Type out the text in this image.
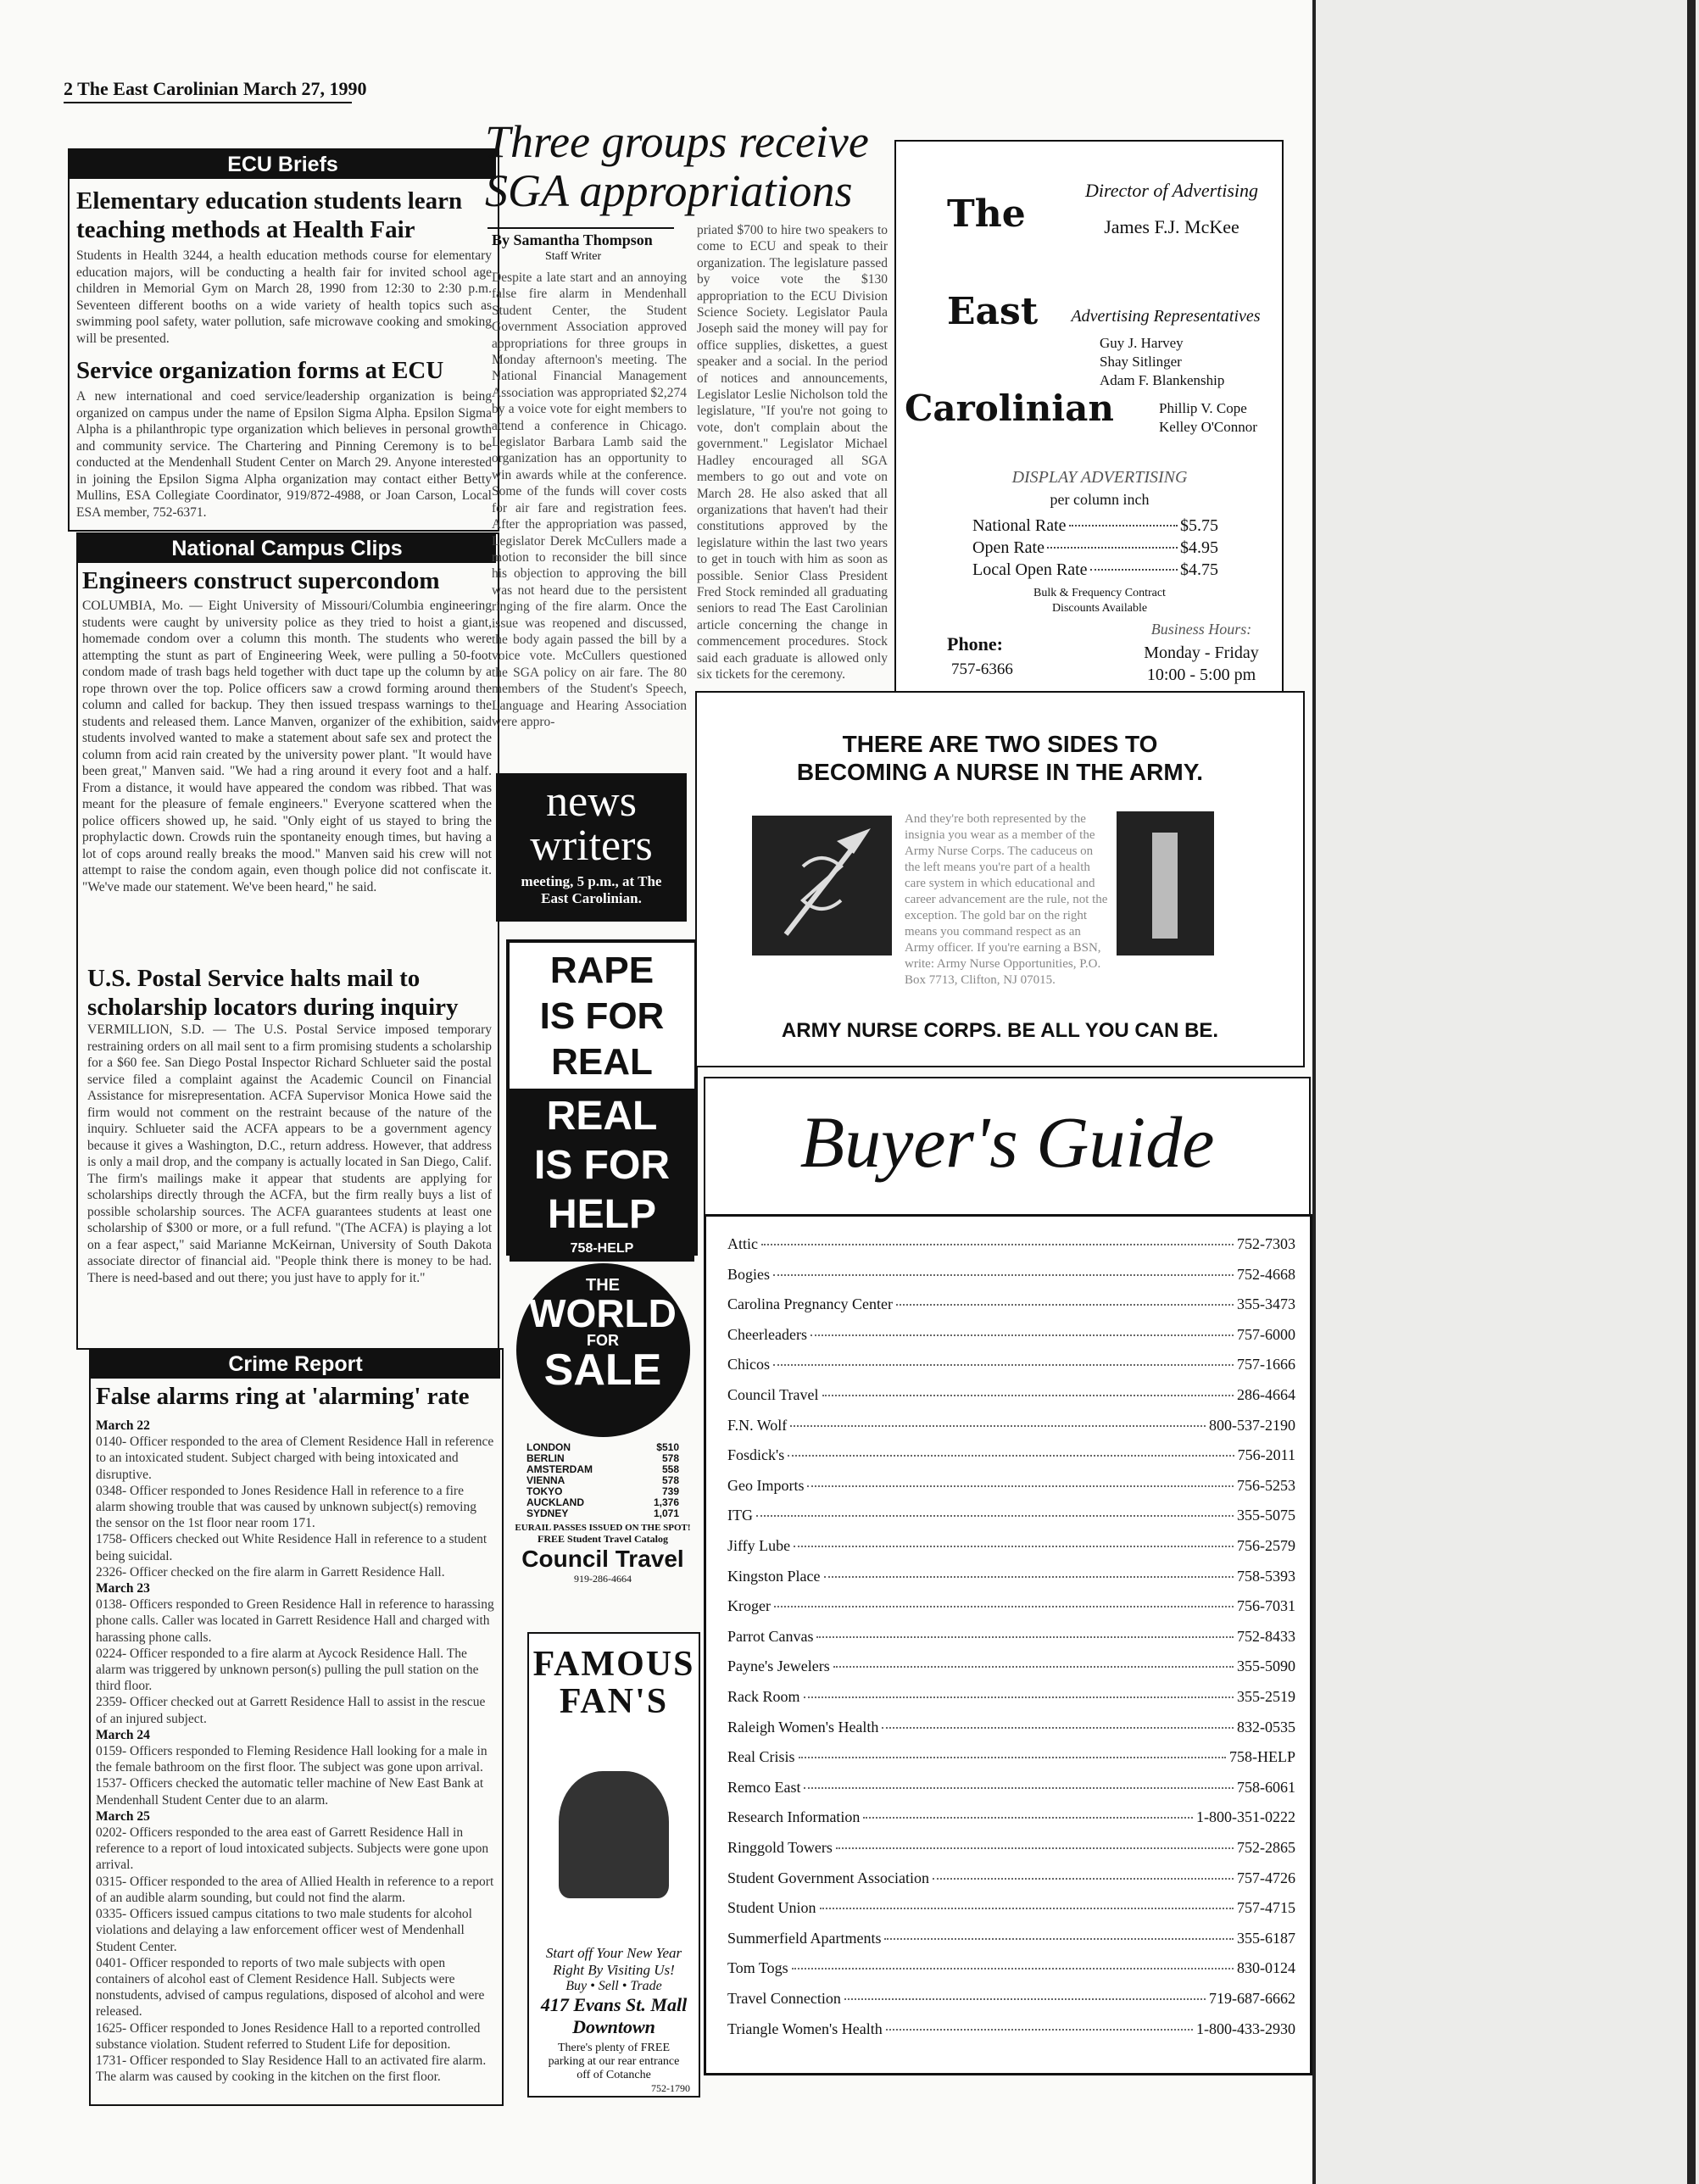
2 The East Carolinian March 27, 1990
ECU Briefs
Elementary education students learn teaching methods at Health Fair
Students in Health 3244, a health education methods course for elementary education majors, will be conducting a health fair for invited school age children in Memorial Gym on March 28, 1990 from 12:30 to 2:30 p.m. Seventeen different booths on a wide variety of health topics such as swimming pool safety, water pollution, safe microwave cooking and smoking will be presented.
Service organization forms at ECU
A new international and coed service/leadership organization is being organized on campus under the name of Epsilon Sigma Alpha. Epsilon Sigma Alpha is a philanthropic type organization which believes in personal growth and community service. The Chartering and Pinning Ceremony is to be conducted at the Mendenhall Student Center on March 29. Anyone interested in joining the Epsilon Sigma Alpha organization may contact either Betty Mullins, ESA Collegiate Coordinator, 919/872-4988, or Joan Carson, Local ESA member, 752-6371.
National Campus Clips
Engineers construct supercondom
COLUMBIA, Mo. — Eight University of Missouri/Columbia engineering students were caught by university police as they tried to hoist a giant, homemade condom over a column this month. The students who were attempting the stunt as part of Engineering Week, were pulling a 50-foot condom made of trash bags held together with duct tape up the column by a rope thrown over the top. Police officers saw a crowd forming around the column and called for backup. They then issued trespass warnings to the students and released them. Lance Manven, organizer of the exhibition, said students involved wanted to make a statement about safe sex and protect the column from acid rain created by the university power plant. "It would have been great," Manven said. "We had a ring around it every foot and a half. From a distance, it would have appeared the condom was ribbed. That was meant for the pleasure of female engineers." Everyone scattered when the police officers showed up, he said. "Only eight of us stayed to bring the prophylactic down. Crowds ruin the spontaneity enough times, but having a lot of cops around really breaks the mood." Manven said his crew will not attempt to raise the condom again, even though police did not confiscate it. "We've made our statement. We've been heard," he said.
U.S. Postal Service halts mail to scholarship locators during inquiry
VERMILLION, S.D. — The U.S. Postal Service imposed temporary restraining orders on all mail sent to a firm promising students a scholarship for a $60 fee. San Diego Postal Inspector Richard Schlueter said the postal service filed a complaint against the Academic Council on Financial Assistance for misrepresentation. ACFA Supervisor Monica Howe said the firm would not comment on the restraint because of the nature of the inquiry. Schlueter said the ACFA appears to be a government agency because it gives a Washington, D.C., return address. However, that address is only a mail drop, and the company is actually located in San Diego, Calif. The firm's mailings make it appear that students are applying for scholarships directly through the ACFA, but the firm really buys a list of possible scholarship sources. The ACFA guarantees students at least one scholarship of $300 or more, or a full refund. "(The ACFA) is playing a lot on a fear aspect," said Marianne McKeirnan, University of South Dakota associate director of financial aid. "People think there is money to be had. There is need-based and out there; you just have to apply for it."
Crime Report
False alarms ring at 'alarming' rate
March 22
0140- Officer responded to the area of Clement Residence Hall in reference to an intoxicated student. Subject charged with being intoxicated and disruptive.
0348- Officer responded to Jones Residence Hall in reference to a fire alarm showing trouble that was caused by unknown subject(s) removing the sensor on the 1st floor near room 171.
1758- Officers checked out White Residence Hall in reference to a student being suicidal.
2326- Officer checked on the fire alarm in Garrett Residence Hall.
March 23
0138- Officers responded to Green Residence Hall in reference to harassing phone calls. Caller was located in Garrett Residence Hall and charged with harassing phone calls.
0224- Officer responded to a fire alarm at Aycock Residence Hall. The alarm was triggered by unknown person(s) pulling the pull station on the third floor.
2359- Officer checked out at Garrett Residence Hall to assist in the rescue of an injured subject.
March 24
0159- Officers responded to Fleming Residence Hall looking for a male in the female bathroom on the first floor. The subject was gone upon arrival.
1537- Officers checked the automatic teller machine of New East Bank at Mendenhall Student Center due to an alarm.
March 25
0202- Officers responded to the area east of Garrett Residence Hall in reference to a report of loud intoxicated subjects. Subjects were gone upon arrival.
0315- Officer responded to the area of Allied Health in reference to a report of an audible alarm sounding, but could not find the alarm.
0335- Officers issued campus citations to two male students for alcohol violations and delaying a law enforcement officer west of Mendenhall Student Center.
0401- Officer responded to reports of two male subjects with open containers of alcohol east of Clement Residence Hall. Subjects were nonstudents, advised of campus regulations, disposed of alcohol and were released.
1625- Officer responded to Jones Residence Hall to a reported controlled substance violation. Student referred to Student Life for deposition.
1731- Officer responded to Slay Residence Hall to an activated fire alarm. The alarm was caused by cooking in the kitchen on the first floor.
Three groups receive SGA appropriations
By Samantha Thompson
Staff Writer
Despite a late start and an annoying false fire alarm in Mendenhall Student Center, the Student Government Association approved appropriations for three groups in Monday afternoon's meeting. The National Financial Management Association was appropriated $2,274 by a voice vote for eight members to attend a conference in Chicago. Legislator Barbara Lamb said the organization has an opportunity to win awards while at the conference. Some of the funds will cover costs for air fare and registration fees. After the appropriation was passed, Legislator Derek McCullers made a motion to reconsider the bill since his objection to approving the bill was not heard due to the persistent ringing of the fire alarm. Once the issue was reopened and discussed, the body again passed the bill by a voice vote. McCullers questioned the SGA policy on air fare. The 80 members of the Student's Speech, Language and Hearing Association were appro-
priated $700 to hire two speakers to come to ECU and speak to their organization. The legislature passed by voice vote the $130 appropriation to the ECU Division Science Society. Legislator Paula Joseph said the money will pay for office supplies, diskettes, a guest speaker and a social. In the period of notices and announcements, Legislator Leslie Nicholson told the legislature, "If you're not going to vote, don't complain about the government." Legislator Michael Hadley encouraged all SGA members to go out and vote on March 28. He also asked that all organizations that haven't had their constitutions approved by the legislature within the last two years to get in touch with him as soon as possible. Senior Class President Fred Stock reminded all graduating seniors to read The East Carolinian article concerning the change in commencement procedures. Stock said each graduate is allowed only six tickets for the ceremony.
news
writers
meeting, 5 p.m., at The
East Carolinian.
RAPE
IS FOR
REAL
REAL
IS FOR
HELP
758-HELP
THE
WORLD
FOR
SALE
LONDON	$510
BERLIN	578
AMSTERDAM	558
VIENNA	578
TOKYO	739
AUCKLAND	1,376
SYDNEY	1,071
EURAIL PASSES ISSUED ON THE SPOT!
FREE Student Travel Catalog
Council Travel
919-286-4664
FAMOUS FAN'S
Start off Your New Year Right By Visiting Us!
Buy • Sell • Trade
417 Evans St. Mall
Downtown
There's plenty of FREE parking at our rear entrance off of Cotanche
752-1790
The
East
Carolinian
Director of Advertising
James F.J. McKee
Advertising Representatives
Guy J. Harvey
Shay Sitlinger
Adam F. Blankenship
Phillip V. Cope
Kelley O'Connor
DISPLAY ADVERTISING
per column inch
National Rate	$5.75
Open Rate	$4.95
Local Open Rate	$4.75
Bulk & Frequency Contract
Discounts Available
Phone:
757-6366
Business Hours:
Monday - Friday
10:00 - 5:00 pm
THERE ARE TWO SIDES TO
BECOMING A NURSE IN THE ARMY.
And they're both represented by the insignia you wear as a member of the Army Nurse Corps. The caduceus on the left means you're part of a health care system in which educational and career advancement are the rule, not the exception. The gold bar on the right means you command respect as an Army officer. If you're earning a BSN, write: Army Nurse Opportunities, P.O. Box 7713, Clifton, NJ 07015.
ARMY NURSE CORPS. BE ALL YOU CAN BE.
Buyer's Guide
Attic	752-7303
Bogies	752-4668
Carolina Pregnancy Center	355-3473
Cheerleaders	757-6000
Chicos	757-1666
Council Travel	286-4664
F.N. Wolf	800-537-2190
Fosdick's	756-2011
Geo Imports	756-5253
ITG	355-5075
Jiffy Lube	756-2579
Kingston Place	758-5393
Kroger	756-7031
Parrot Canvas	752-8433
Payne's Jewelers	355-5090
Rack Room	355-2519
Raleigh Women's Health	832-0535
Real Crisis	758-HELP
Remco East	758-6061
Research Information	1-800-351-0222
Ringgold Towers	752-2865
Student Government Association	757-4726
Student Union	757-4715
Summerfield Apartments	355-6187
Tom Togs	830-0124
Travel Connection	719-687-6662
Triangle Women's Health	1-800-433-2930
